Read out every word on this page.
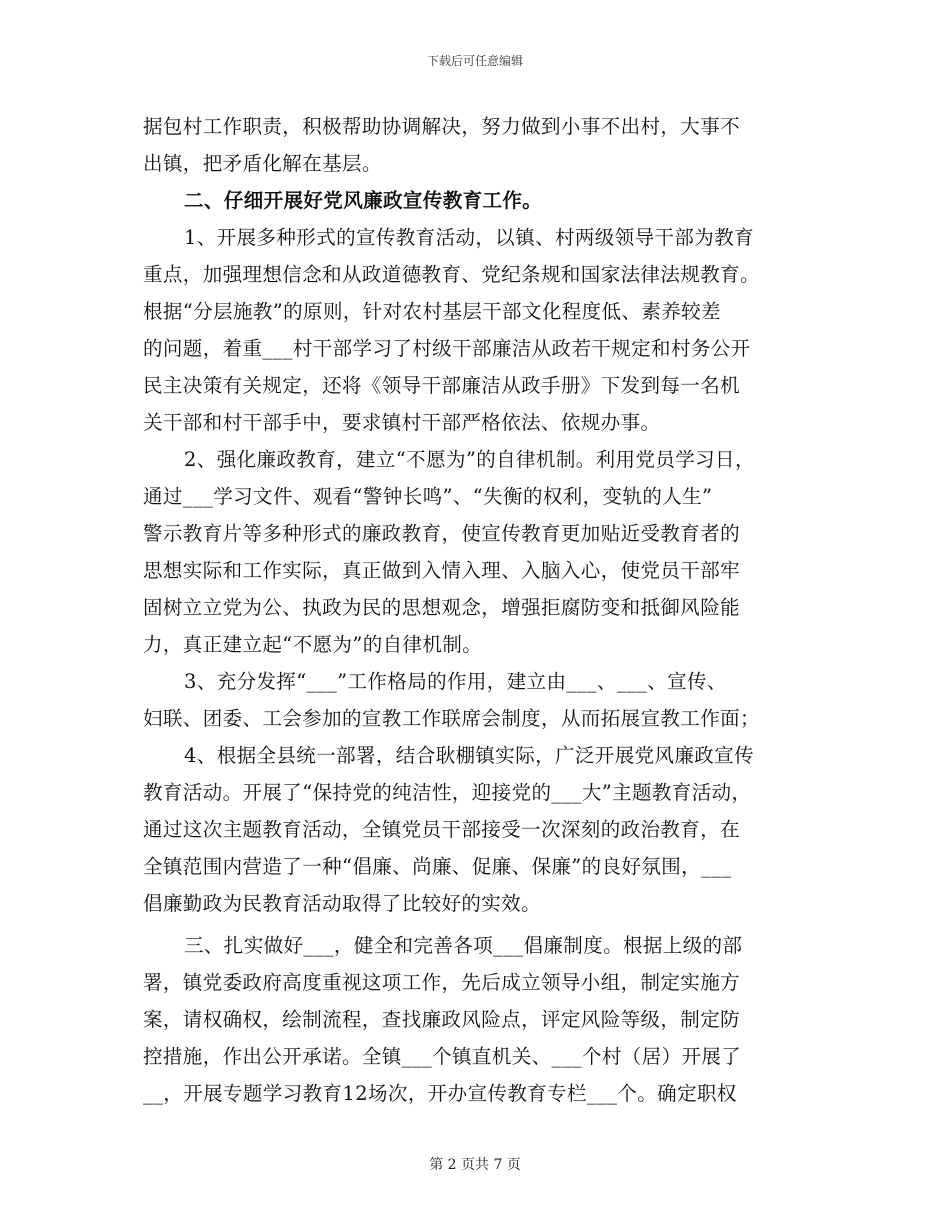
下载后可任意编辑
据包村工作职责，积极帮助协调解决，努力做到小事不出村，大事不
出镇，把矛盾化解在基层。
二、仔细开展好党风廉政宣传教育工作。
1、开展多种形式的宣传教育活动，以镇、村两级领导干部为教育
重点，加强理想信念和从政道德教育、党纪条规和国家法律法规教育。
根据“分层施教”的原则，针对农村基层干部文化程度低、素养较差
的问题，着重___村干部学习了村级干部廉洁从政若干规定和村务公开
民主决策有关规定，还将《领导干部廉洁从政手册》下发到每一名机
关干部和村干部手中，要求镇村干部严格依法、依规办事。
2、强化廉政教育，建立“不愿为”的自律机制。利用党员学习日，
通过___学习文件、观看“警钟长鸣”、“失衡的权利，变轨的人生”
警示教育片等多种形式的廉政教育，使宣传教育更加贴近受教育者的
思想实际和工作实际，真正做到入情入理、入脑入心，使党员干部牢
固树立立党为公、执政为民的思想观念，增强拒腐防变和抵御风险能
力，真正建立起“不愿为”的自律机制。
3、充分发挥“___”工作格局的作用，建立由___、___、宣传、
妇联、团委、工会参加的宣教工作联席会制度，从而拓展宣教工作面；
4、根据全县统一部署，结合耿棚镇实际，广泛开展党风廉政宣传
教育活动。开展了“保持党的纯洁性，迎接党的___大”主题教育活动，
通过这次主题教育活动，全镇党员干部接受一次深刻的政治教育，在
全镇范围内营造了一种“倡廉、尚廉、促廉、保廉”的良好氛围，___
倡廉勤政为民教育活动取得了比较好的实效。
三、扎实做好___，健全和完善各项___倡廉制度。根据上级的部
署，镇党委政府高度重视这项工作，先后成立领导小组，制定实施方
案，请权确权，绘制流程，查找廉政风险点，评定风险等级，制定防
控措施，作出公开承诺。全镇___个镇直机关、___个村（居）开展了
__，开展专题学习教育12场次，开办宣传教育专栏___个。确定职权
第 2 页共 7 页
